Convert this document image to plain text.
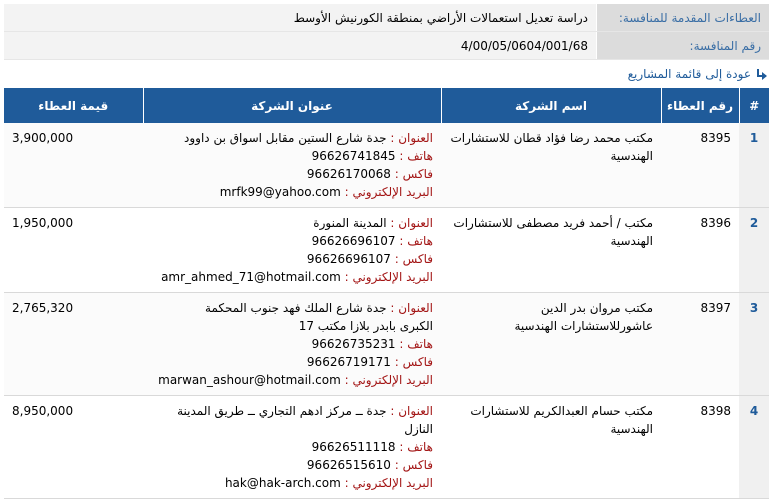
العطاءات المقدمة للمنافسة:	دراسة تعديل استعمالات الأراضي بمنطقة الكورنيش الأوسط
رقم المنافسة:	4/00/05/0604/001/68
عودة إلى قائمة المشاريع
#	رقم العطاء	اسم الشركة	عنوان الشركة	قيمة العطاء
1	8395	مكتب محمد رضا فؤاد قطان للاستشارات الهندسية	العنوان : جدة شارع الستين مقابل اسواق بن داوود
هاتف : 96626741845
فاكس : 96626170068
البريد الإلكتروني : mrfk99@yahoo.com	3,900,000
2	8396	مكتب / أحمد فريد مصطفى للاستشارات الهندسية	العنوان : المدينة المنورة
هاتف : 96626696107
فاكس : 96626696107
البريد الإلكتروني : amr_ahmed_71@hotmail.com	1,950,000
3	8397	مكتب مروان بدر الدين عاشورللاستشارات الهندسية	العنوان : جدة شارع الملك فهد جنوب المحكمة
الكبرى بابدر بلازا مكتب 17
هاتف : 96626735231
فاكس : 96626719171
البريد الإلكتروني : marwan_ashour@hotmail.com	2,765,320
4	8398	مكتب حسام العبدالكريم للاستشارات الهندسية	العنوان : جدة ــ مركز ادهم التجاري ــ طريق المدينة
النازل
هاتف : 96626511118
فاكس : 96626515610
البريد الإلكتروني : hak@hak-arch.com	8,950,000
